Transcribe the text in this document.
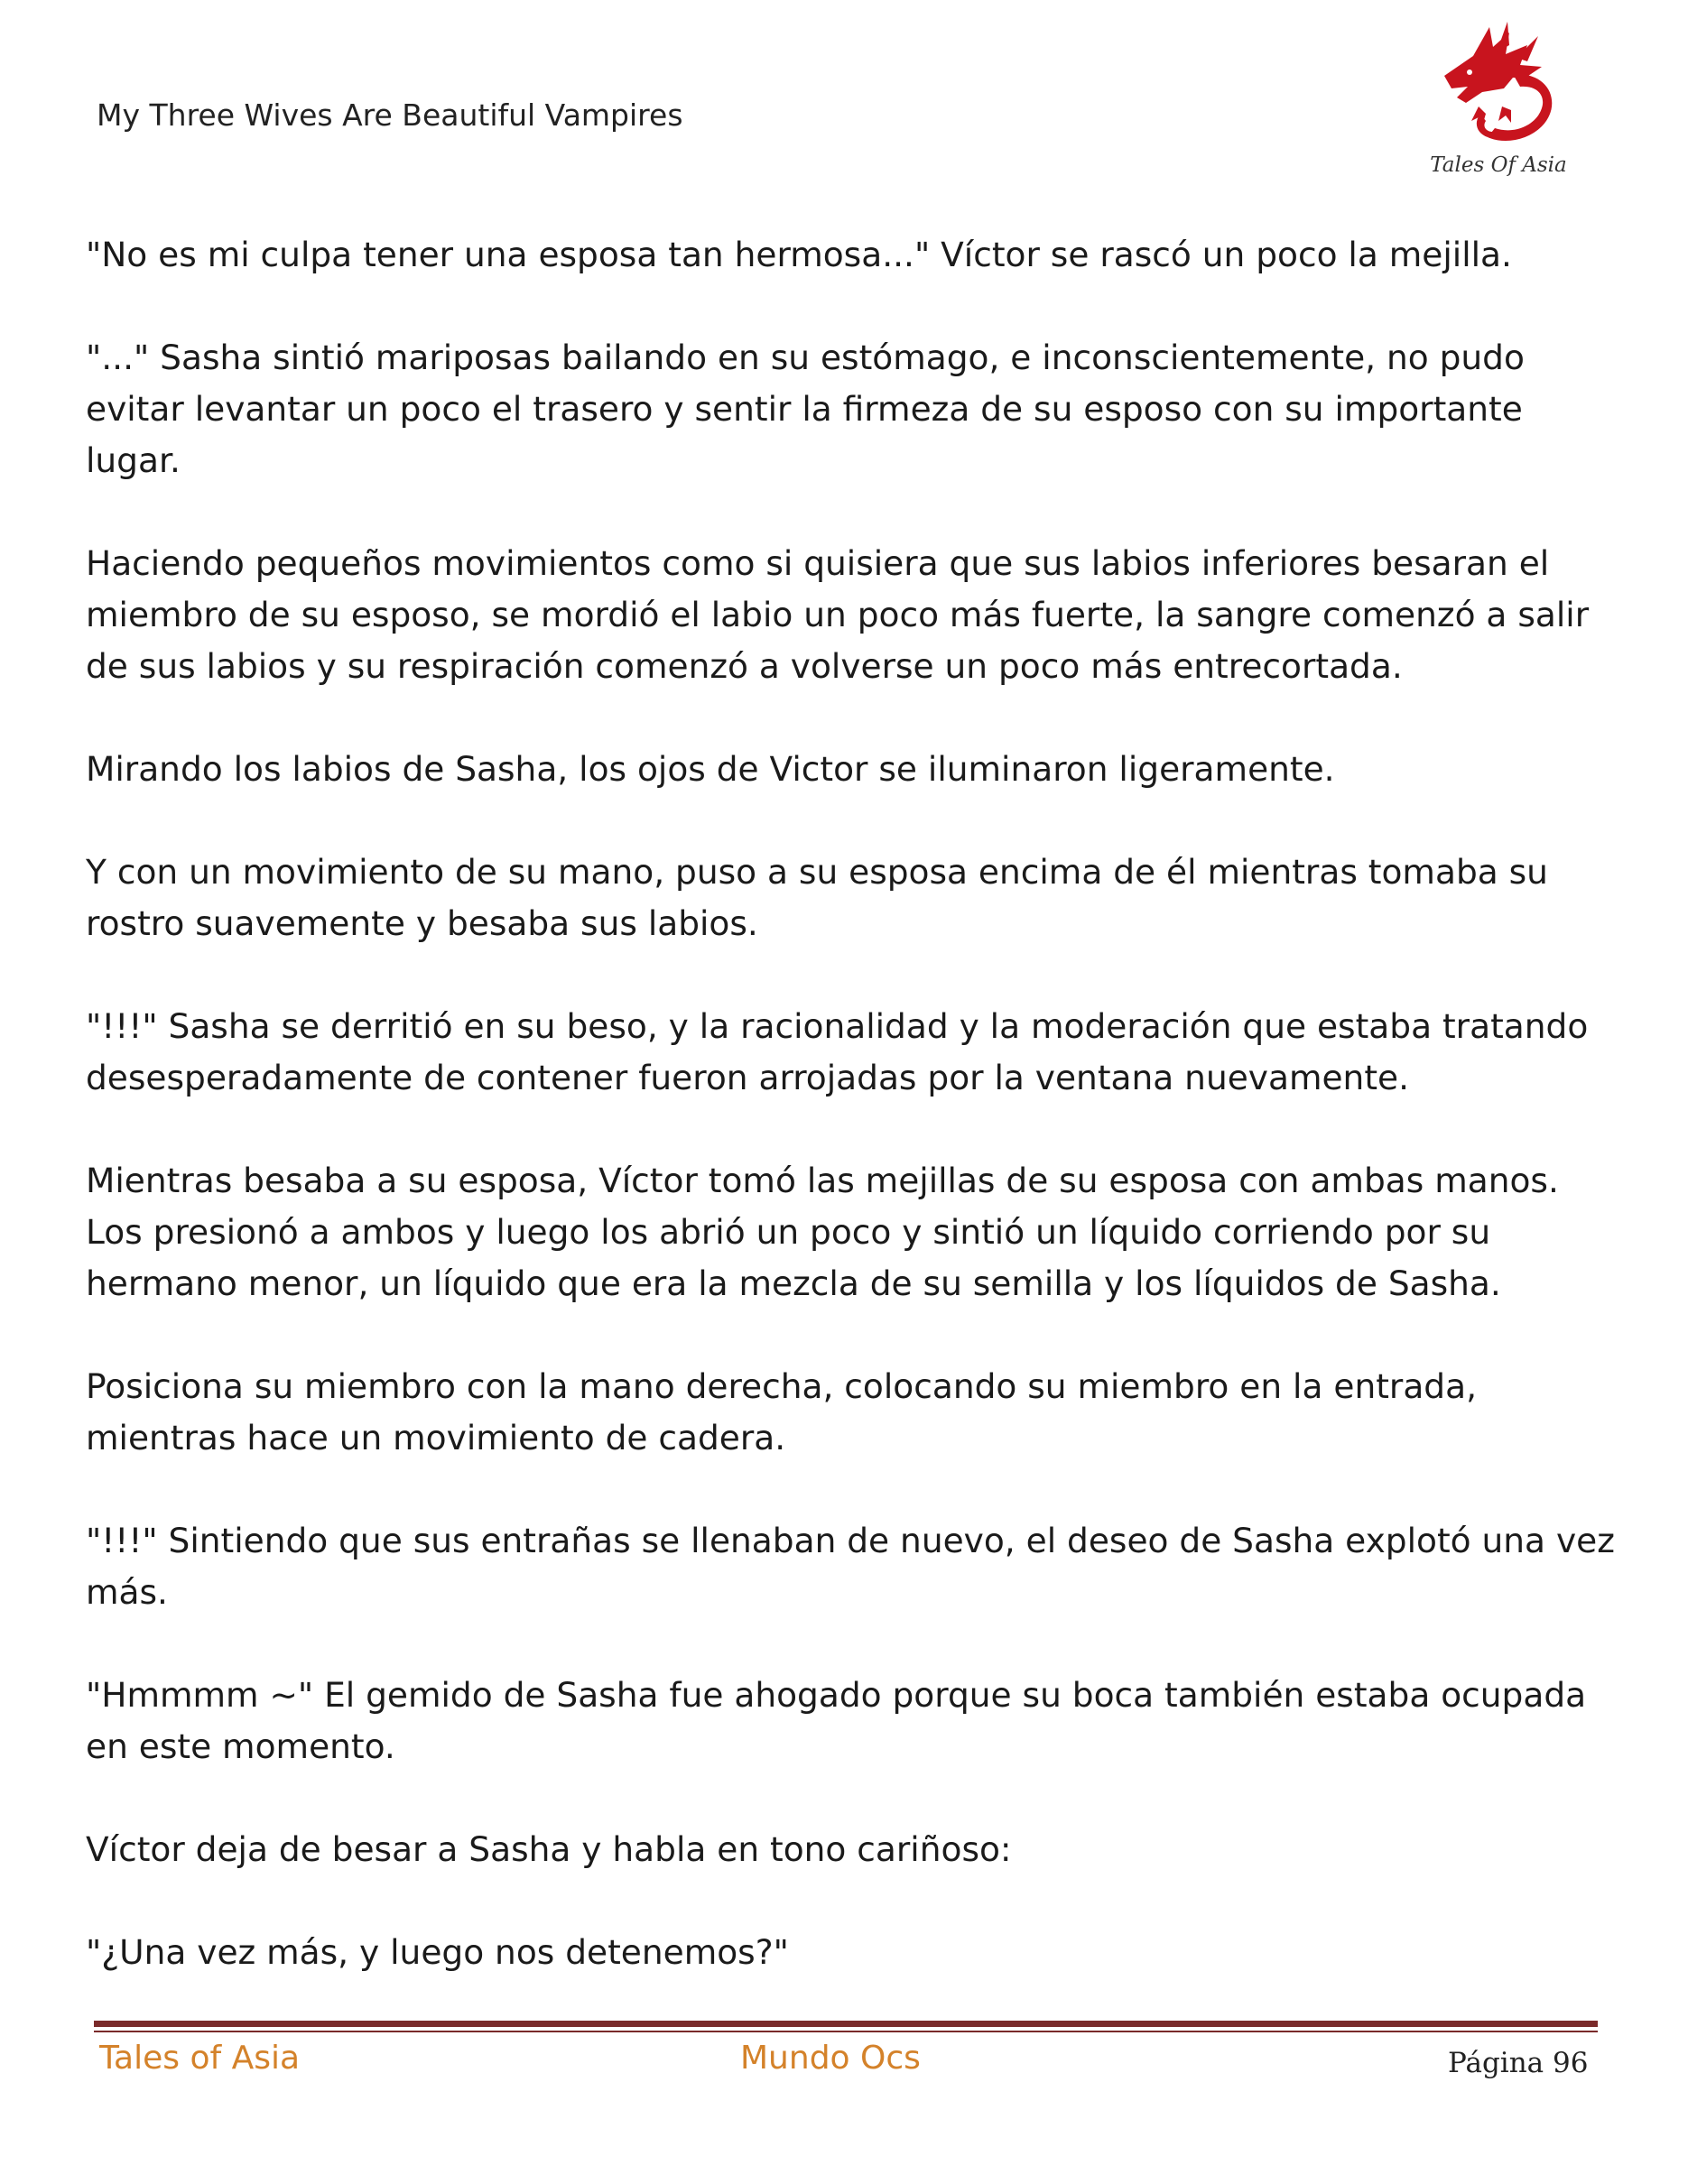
My Three Wives Are Beautiful Vampires
Tales Of Asia

"No es mi culpa tener una esposa tan hermosa..." Víctor se rascó un poco la mejilla.

"..." Sasha sintió mariposas bailando en su estómago, e inconscientemente, no pudo evitar levantar un poco el trasero y sentir la firmeza de su esposo con su importante lugar.

Haciendo pequeños movimientos como si quisiera que sus labios inferiores besaran el miembro de su esposo, se mordió el labio un poco más fuerte, la sangre comenzó a salir de sus labios y su respiración comenzó a volverse un poco más entrecortada.

Mirando los labios de Sasha, los ojos de Victor se iluminaron ligeramente.

Y con un movimiento de su mano, puso a su esposa encima de él mientras tomaba su rostro suavemente y besaba sus labios.

"!!!" Sasha se derritió en su beso, y la racionalidad y la moderación que estaba tratando desesperadamente de contener fueron arrojadas por la ventana nuevamente.

Mientras besaba a su esposa, Víctor tomó las mejillas de su esposa con ambas manos. Los presionó a ambos y luego los abrió un poco y sintió un líquido corriendo por su hermano menor, un líquido que era la mezcla de su semilla y los líquidos de Sasha.

Posiciona su miembro con la mano derecha, colocando su miembro en la entrada, mientras hace un movimiento de cadera.

"!!!" Sintiendo que sus entrañas se llenaban de nuevo, el deseo de Sasha explotó una vez más.

"Hmmmm ~" El gemido de Sasha fue ahogado porque su boca también estaba ocupada en este momento.

Víctor deja de besar a Sasha y habla en tono cariñoso:

"¿Una vez más, y luego nos detenemos?"

Tales of Asia	Mundo Ocs	Página 96
